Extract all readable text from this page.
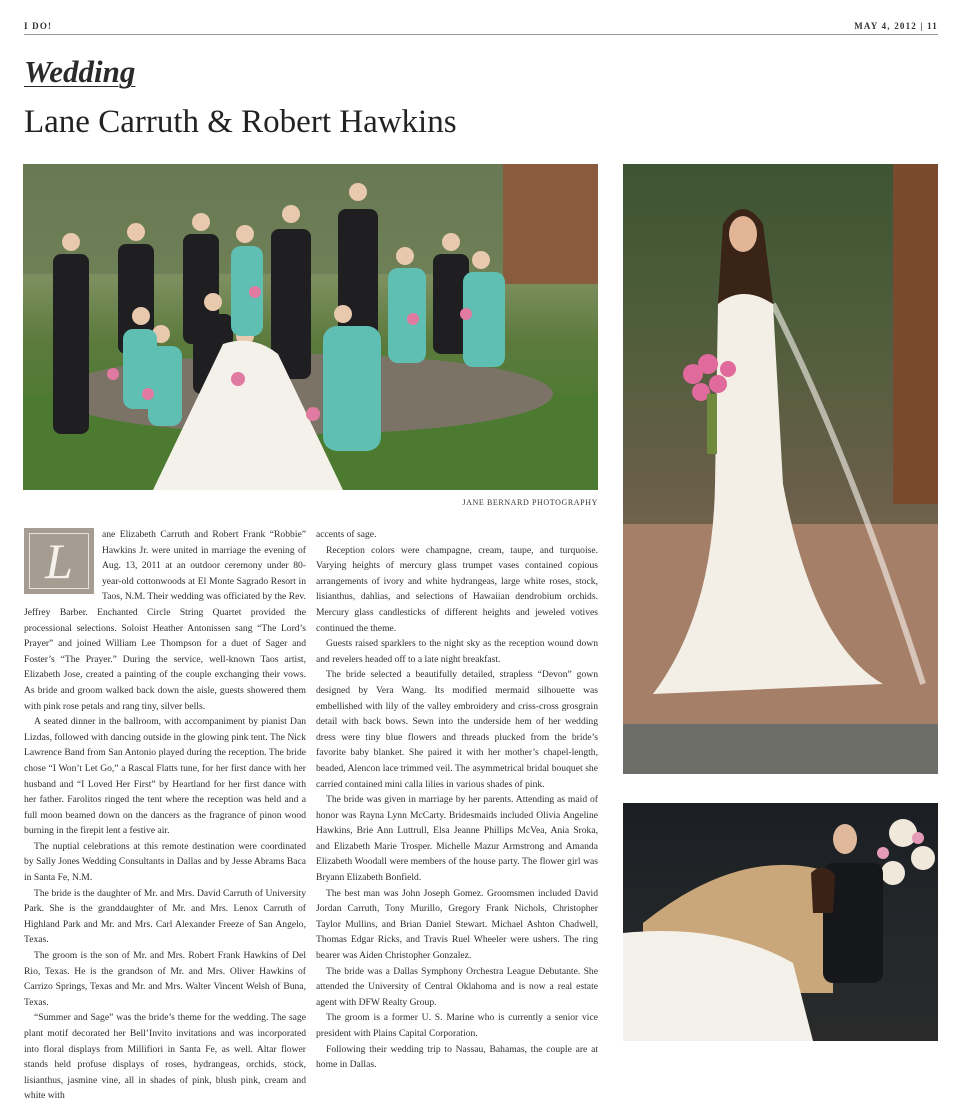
I DO!	MAY 4, 2012 | 11
Wedding
Lane Carruth & Robert Hawkins
JANE BERNARD PHOTOGRAPHY
L	ane Elizabeth Carruth and Robert Frank “Robbie” Hawkins Jr. were united in marriage the evening of Aug. 13, 2011 at an outdoor ceremony under 80-year-old cottonwoods at El Monte Sagrado Resort in Taos, N.M. Their wedding was officiated by the Rev. Jeffrey Barber. Enchanted Circle String Quartet provided the processional selections. Soloist Heather Antonissen sang “The Lord’s Prayer” and joined William Lee Thompson for a duet of Sager and Foster’s “The Prayer.” During the service, well-known Taos artist, Elizabeth Jose, created a painting of the couple exchanging their vows. As bride and groom walked back down the aisle, guests showered them with pink rose petals and rang tiny, silver bells.

A seated dinner in the ballroom, with accompaniment by pianist Dan Lizdas, followed with dancing outside in the glowing pink tent. The Nick Lawrence Band from San Antonio played during the reception. The bride chose “I Won’t Let Go,” a Rascal Flatts tune, for her first dance with her husband and “I Loved Her First” by Heartland for her first dance with her father. Farolitos ringed the tent where the reception was held and a full moon beamed down on the dancers as the fragrance of pinon wood burning in the firepit lent a festive air.

The nuptial celebrations at this remote destination were coordinated by Sally Jones Wedding Consultants in Dallas and by Jesse Abrams Baca in Santa Fe, N.M.

The bride is the daughter of Mr. and Mrs. David Carruth of University Park. She is the granddaughter of Mr. and Mrs. Lenox Carruth of Highland Park and Mr. and Mrs. Carl Alexander Freeze of San Angelo, Texas.

The groom is the son of Mr. and Mrs. Robert Frank Hawkins of Del Rio, Texas. He is the grandson of Mr. and Mrs. Oliver Hawkins of Carrizo Springs, Texas and Mr. and Mrs. Walter Vincent Welsh of Buna, Texas.

“Summer and Sage” was the bride’s theme for the wedding. The sage plant motif decorated her Bell’Invito invitations and was incorporated into floral displays from Millifiori in Santa Fe, as well. Altar flower stands held profuse displays of roses, hydrangeas, orchids, stock, lisianthus, jasmine vine, all in shades of pink, blush pink, cream and white with

accents of sage.

Reception colors were champagne, cream, taupe, and turquoise. Varying heights of mercury glass trumpet vases contained copious arrangements of ivory and white hydrangeas, large white roses, stock, lisianthus, dahlias, and selections of Hawaiian dendrobium orchids. Mercury glass candlesticks of different heights and jeweled votives continued the theme.

Guests raised sparklers to the night sky as the reception wound down and revelers headed off to a late night breakfast.

The bride selected a beautifully detailed, strapless “Devon” gown designed by Vera Wang. Its modified mermaid silhouette was embellished with lily of the valley embroidery and criss-cross grosgrain detail with back bows. Sewn into the underside hem of her wedding dress were tiny blue flowers and threads plucked from the bride’s favorite baby blanket. She paired it with her mother’s chapel-length, beaded, Alencon lace trimmed veil. The asymmetrical bridal bouquet she carried contained mini calla lilies in various shades of pink.

The bride was given in marriage by her parents. Attending as maid of honor was Rayna Lynn McCarty. Bridesmaids included Olivia Angeline Hawkins, Brie Ann Luttrull, Elsa Jeanne Phillips McVea, Ania Sroka, and Elizabeth Marie Trosper. Michelle Mazur Armstrong and Amanda Elizabeth Woodall were members of the house party. The flower girl was Bryann Elizabeth Bonfield.

The best man was John Joseph Gomez. Groomsmen included David Jordan Carruth, Tony Murillo, Gregory Frank Nichols, Christopher Taylor Mullins, and Brian Daniel Stewart. Michael Ashton Chadwell, Thomas Edgar Ricks, and Travis Ruel Wheeler were ushers. The ring bearer was Aiden Christopher Gonzalez.

The bride was a Dallas Symphony Orchestra League Debutante. She attended the University of Central Oklahoma and is now a real estate agent with DFW Realty Group.

The groom is a former U. S. Marine who is currently a senior vice president with Plains Capital Corporation.

Following their wedding trip to Nassau, Bahamas, the couple are at home in Dallas.
